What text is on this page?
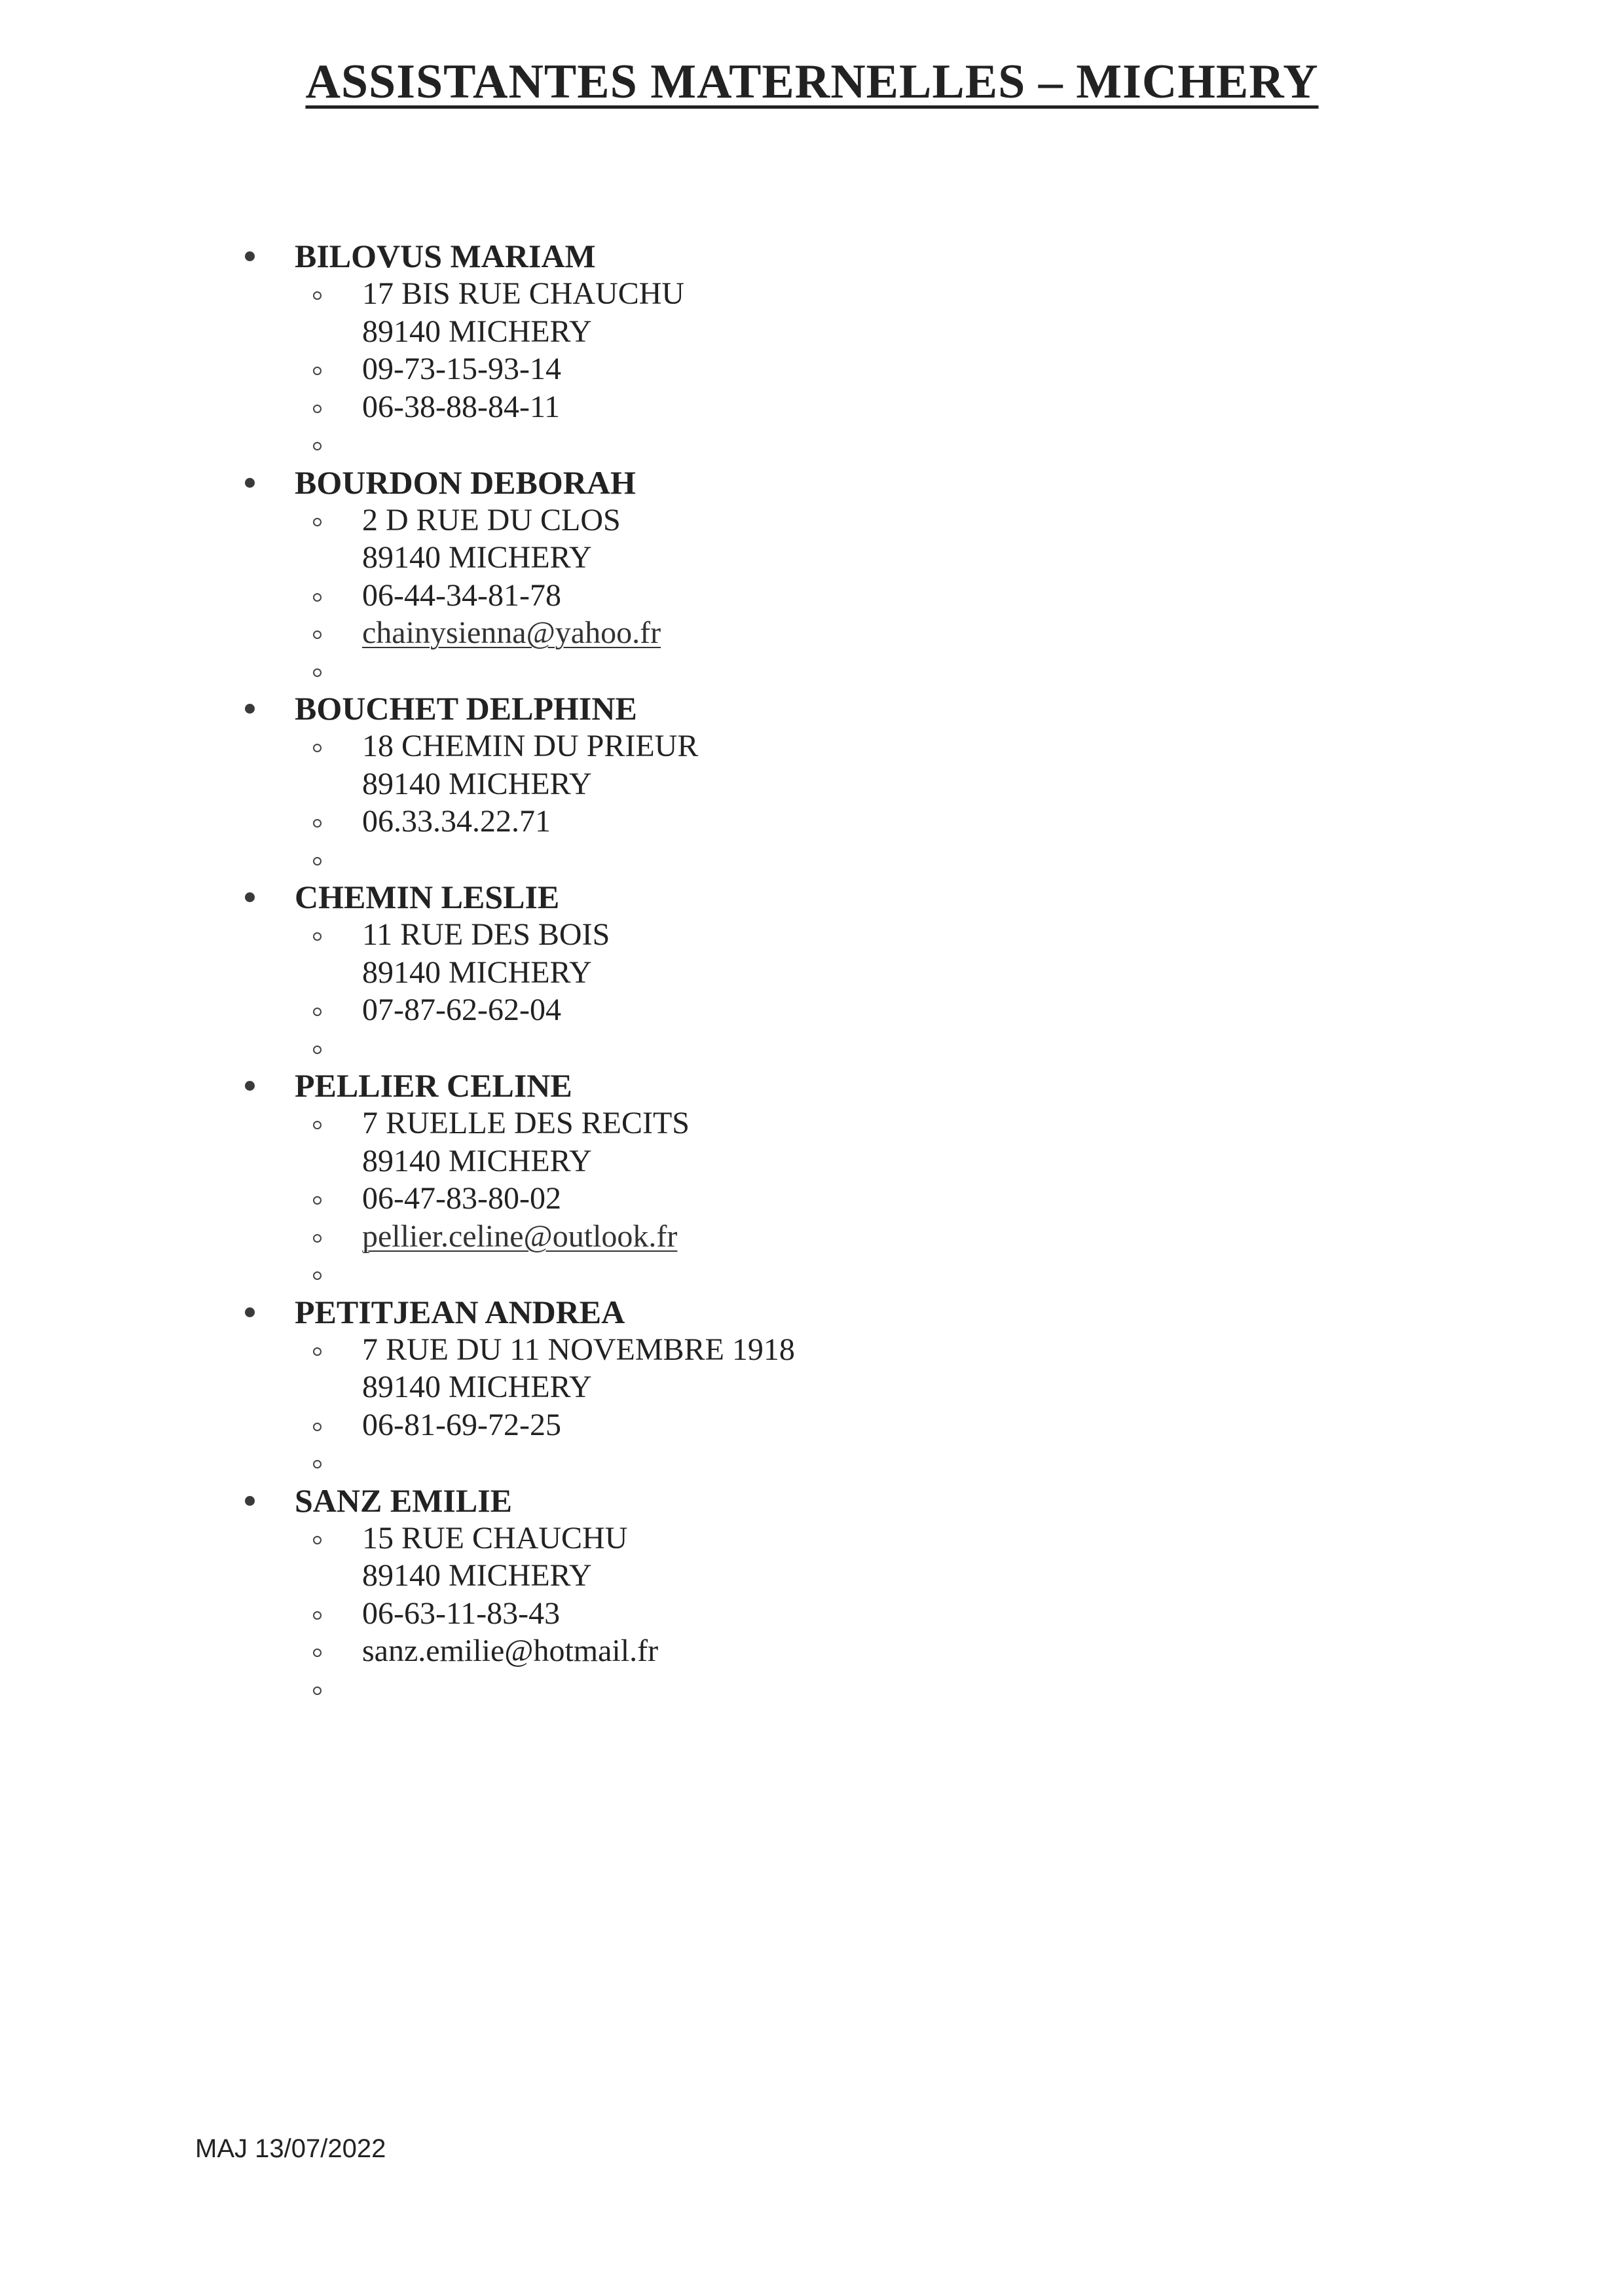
ASSISTANTES MATERNELLES – MICHERY
BILOVUS MARIAM
17 BIS RUE CHAUCHU
89140 MICHERY
09-73-15-93-14
06-38-88-84-11
BOURDON DEBORAH
2 D RUE DU CLOS
89140 MICHERY
06-44-34-81-78
chainysienna@yahoo.fr
BOUCHET DELPHINE
18 CHEMIN DU PRIEUR
89140 MICHERY
06.33.34.22.71
CHEMIN LESLIE
11 RUE DES BOIS
89140 MICHERY
07-87-62-62-04
PELLIER CELINE
7 RUELLE DES RECITS
89140 MICHERY
06-47-83-80-02
pellier.celine@outlook.fr
PETITJEAN ANDREA
7 RUE DU 11 NOVEMBRE 1918
89140 MICHERY
06-81-69-72-25
SANZ EMILIE
15 RUE CHAUCHU
89140 MICHERY
06-63-11-83-43
sanz.emilie@hotmail.fr
MAJ 13/07/2022
